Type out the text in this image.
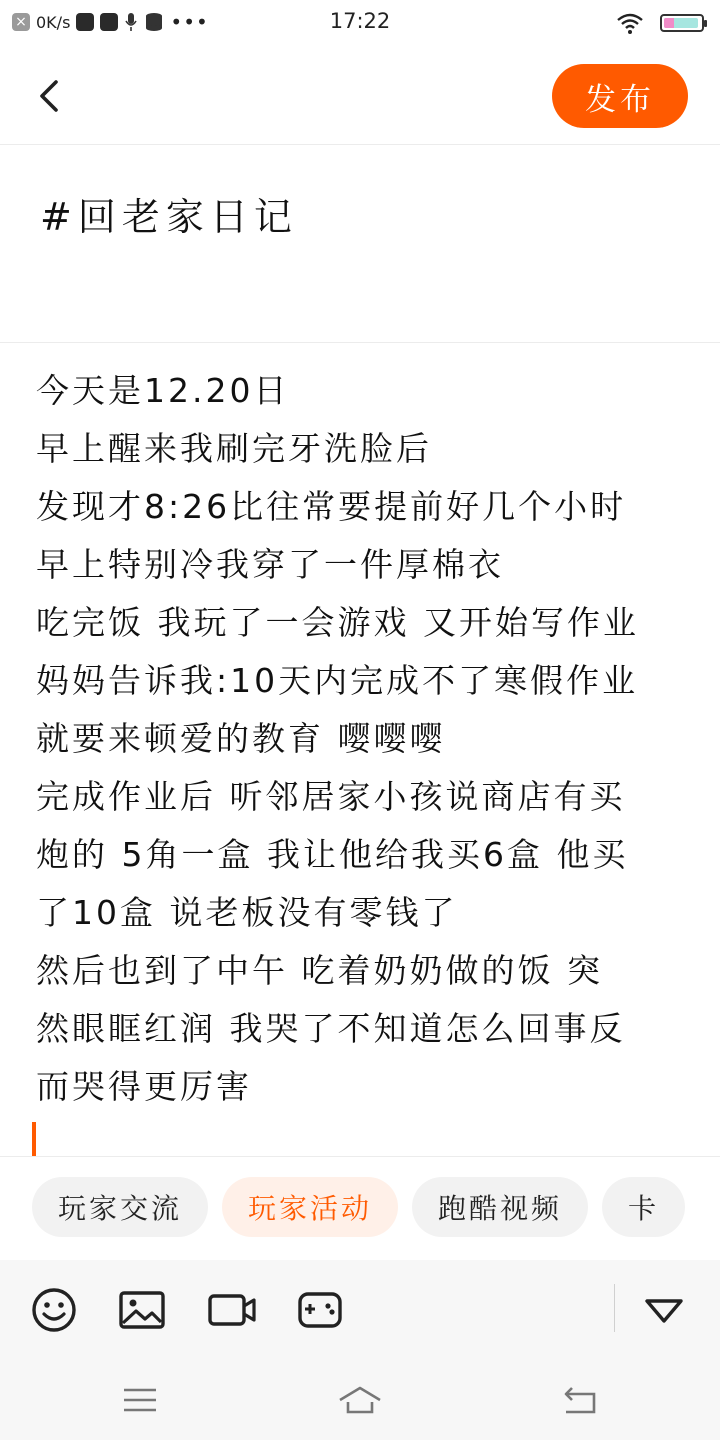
× 0K/s	•••	17:22
发布
#回老家日记
今天是12.20日
早上醒来我刷完牙洗脸后
发现才8:26比往常要提前好几个小时
早上特别冷我穿了一件厚棉衣
吃完饭 我玩了一会游戏 又开始写作业
妈妈告诉我:10天内完成不了寒假作业
就要来顿爱的教育 嘤嘤嘤
完成作业后 听邻居家小孩说商店有买
炮的 5角一盒 我让他给我买6盒 他买
了10盒 说老板没有零钱了
然后也到了中午 吃着奶奶做的饭 突
然眼眶红润 我哭了不知道怎么回事反
而哭得更厉害
玩家交流	玩家活动	跑酷视频	卡
